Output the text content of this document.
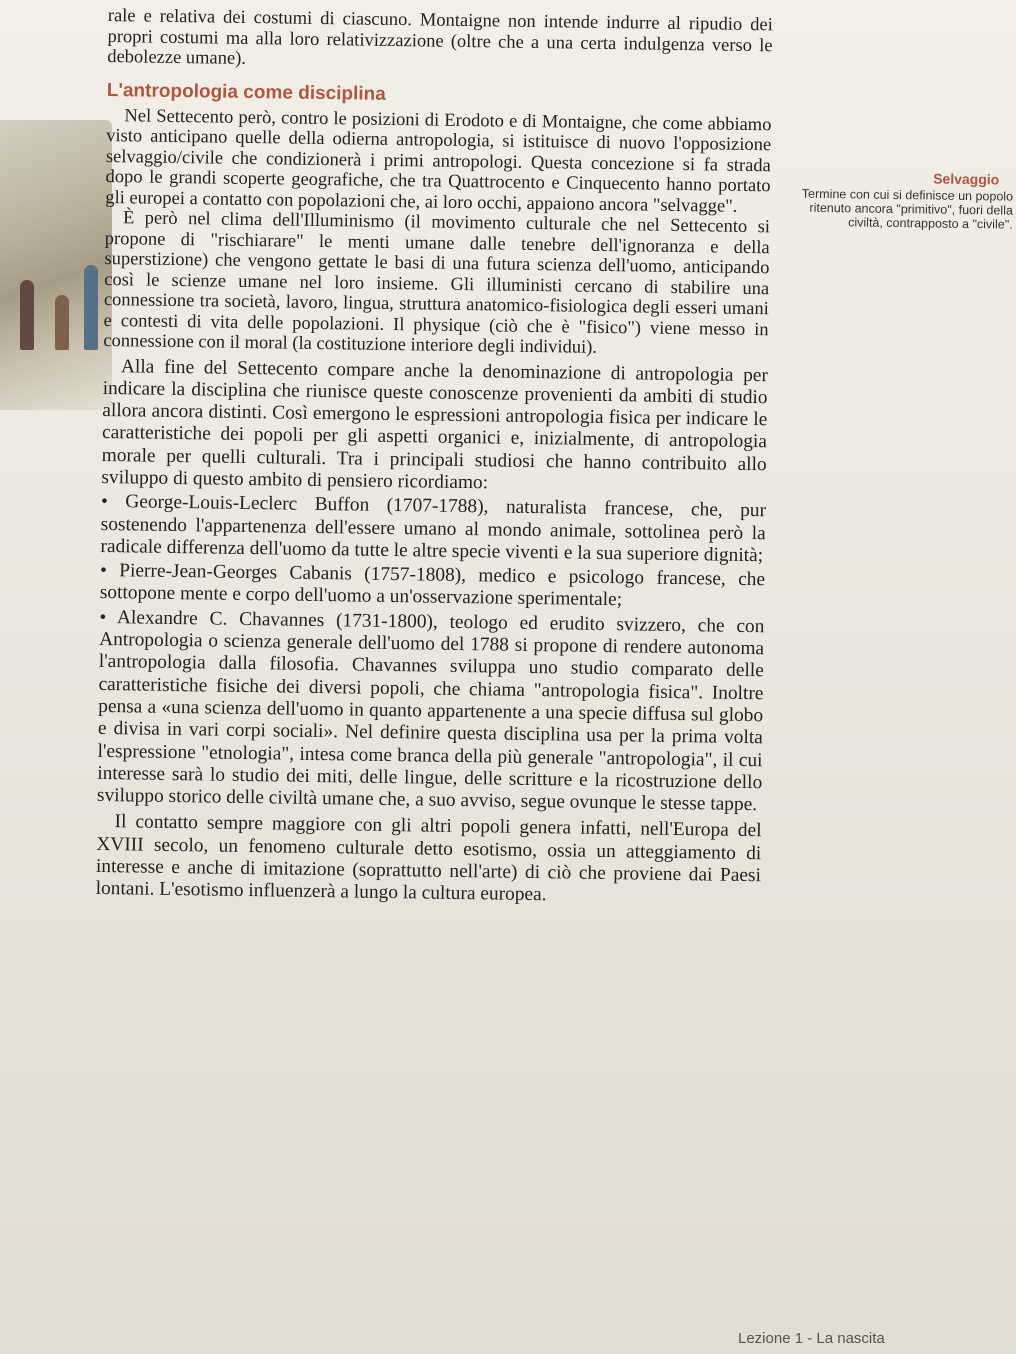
rale e relativa dei costumi di ciascuno. Montaigne non intende indurre al ripudio dei propri costumi ma alla loro relativizzazione (oltre che a una certa indulgenza verso le debolezze umane).

L'antropologia come disciplina

Nel Settecento però, contro le posizioni di Erodoto e di Montaigne, che come abbiamo visto anticipano quelle della odierna antropologia, si istituisce di nuovo l'opposizione selvaggio/civile che condizionerà i primi antropologi. Questa concezione si fa strada dopo le grandi scoperte geografiche, che tra Quattrocento e Cinquecento hanno portato gli europei a contatto con popolazioni che, ai loro occhi, appaiono ancora "selvagge".

È però nel clima dell'Illuminismo (il movimento culturale che nel Settecento si propone di "rischiarare" le menti umane dalle tenebre dell'ignoranza e della superstizione) che vengono gettate le basi di una futura scienza dell'uomo, anticipando così le scienze umane nel loro insieme. Gli illuministi cercano di stabilire una connessione tra società, lavoro, lingua, struttura anatomico-fisiologica degli esseri umani e contesti di vita delle popolazioni. Il physique (ciò che è "fisico") viene messo in connessione con il moral (la costituzione interiore degli individui).

Alla fine del Settecento compare anche la denominazione di antropologia per indicare la disciplina che riunisce queste conoscenze provenienti da ambiti di studio allora ancora distinti. Così emergono le espressioni antropologia fisica per indicare le caratteristiche dei popoli per gli aspetti organici e, inizialmente, di antropologia morale per quelli culturali. Tra i principali studiosi che hanno contribuito allo sviluppo di questo ambito di pensiero ricordiamo:

• George-Louis-Leclerc Buffon (1707-1788), naturalista francese, che, pur sostenendo l'appartenenza dell'essere umano al mondo animale, sottolinea però la radicale differenza dell'uomo da tutte le altre specie viventi e la sua superiore dignità;

• Pierre-Jean-Georges Cabanis (1757-1808), medico e psicologo francese, che sottopone mente e corpo dell'uomo a un'osservazione sperimentale;

• Alexandre C. Chavannes (1731-1800), teologo ed erudito svizzero, che con Antropologia o scienza generale dell'uomo del 1788 si propone di rendere autonoma l'antropologia dalla filosofia. Chavannes sviluppa uno studio comparato delle caratteristiche fisiche dei diversi popoli, che chiama "antropologia fisica". Inoltre pensa a «una scienza dell'uomo in quanto appartenente a una specie diffusa sul globo e divisa in vari corpi sociali». Nel definire questa disciplina usa per la prima volta l'espressione "etnologia", intesa come branca della più generale "antropologia", il cui interesse sarà lo studio dei miti, delle lingue, delle scritture e la ricostruzione dello sviluppo storico delle civiltà umane che, a suo avviso, segue ovunque le stesse tappe.

Il contatto sempre maggiore con gli altri popoli genera infatti, nell'Europa del XVIII secolo, un fenomeno culturale detto esotismo, ossia un atteggiamento di interesse e anche di imitazione (soprattutto nell'arte) di ciò che proviene dai Paesi lontani. L'esotismo influenzerà a lungo la cultura europea.

Selvaggio
Termine con cui si definisce un popolo ritenuto ancora "primitivo", fuori della civiltà, contrapposto a "civile".
Lezione 1 - La nascita
